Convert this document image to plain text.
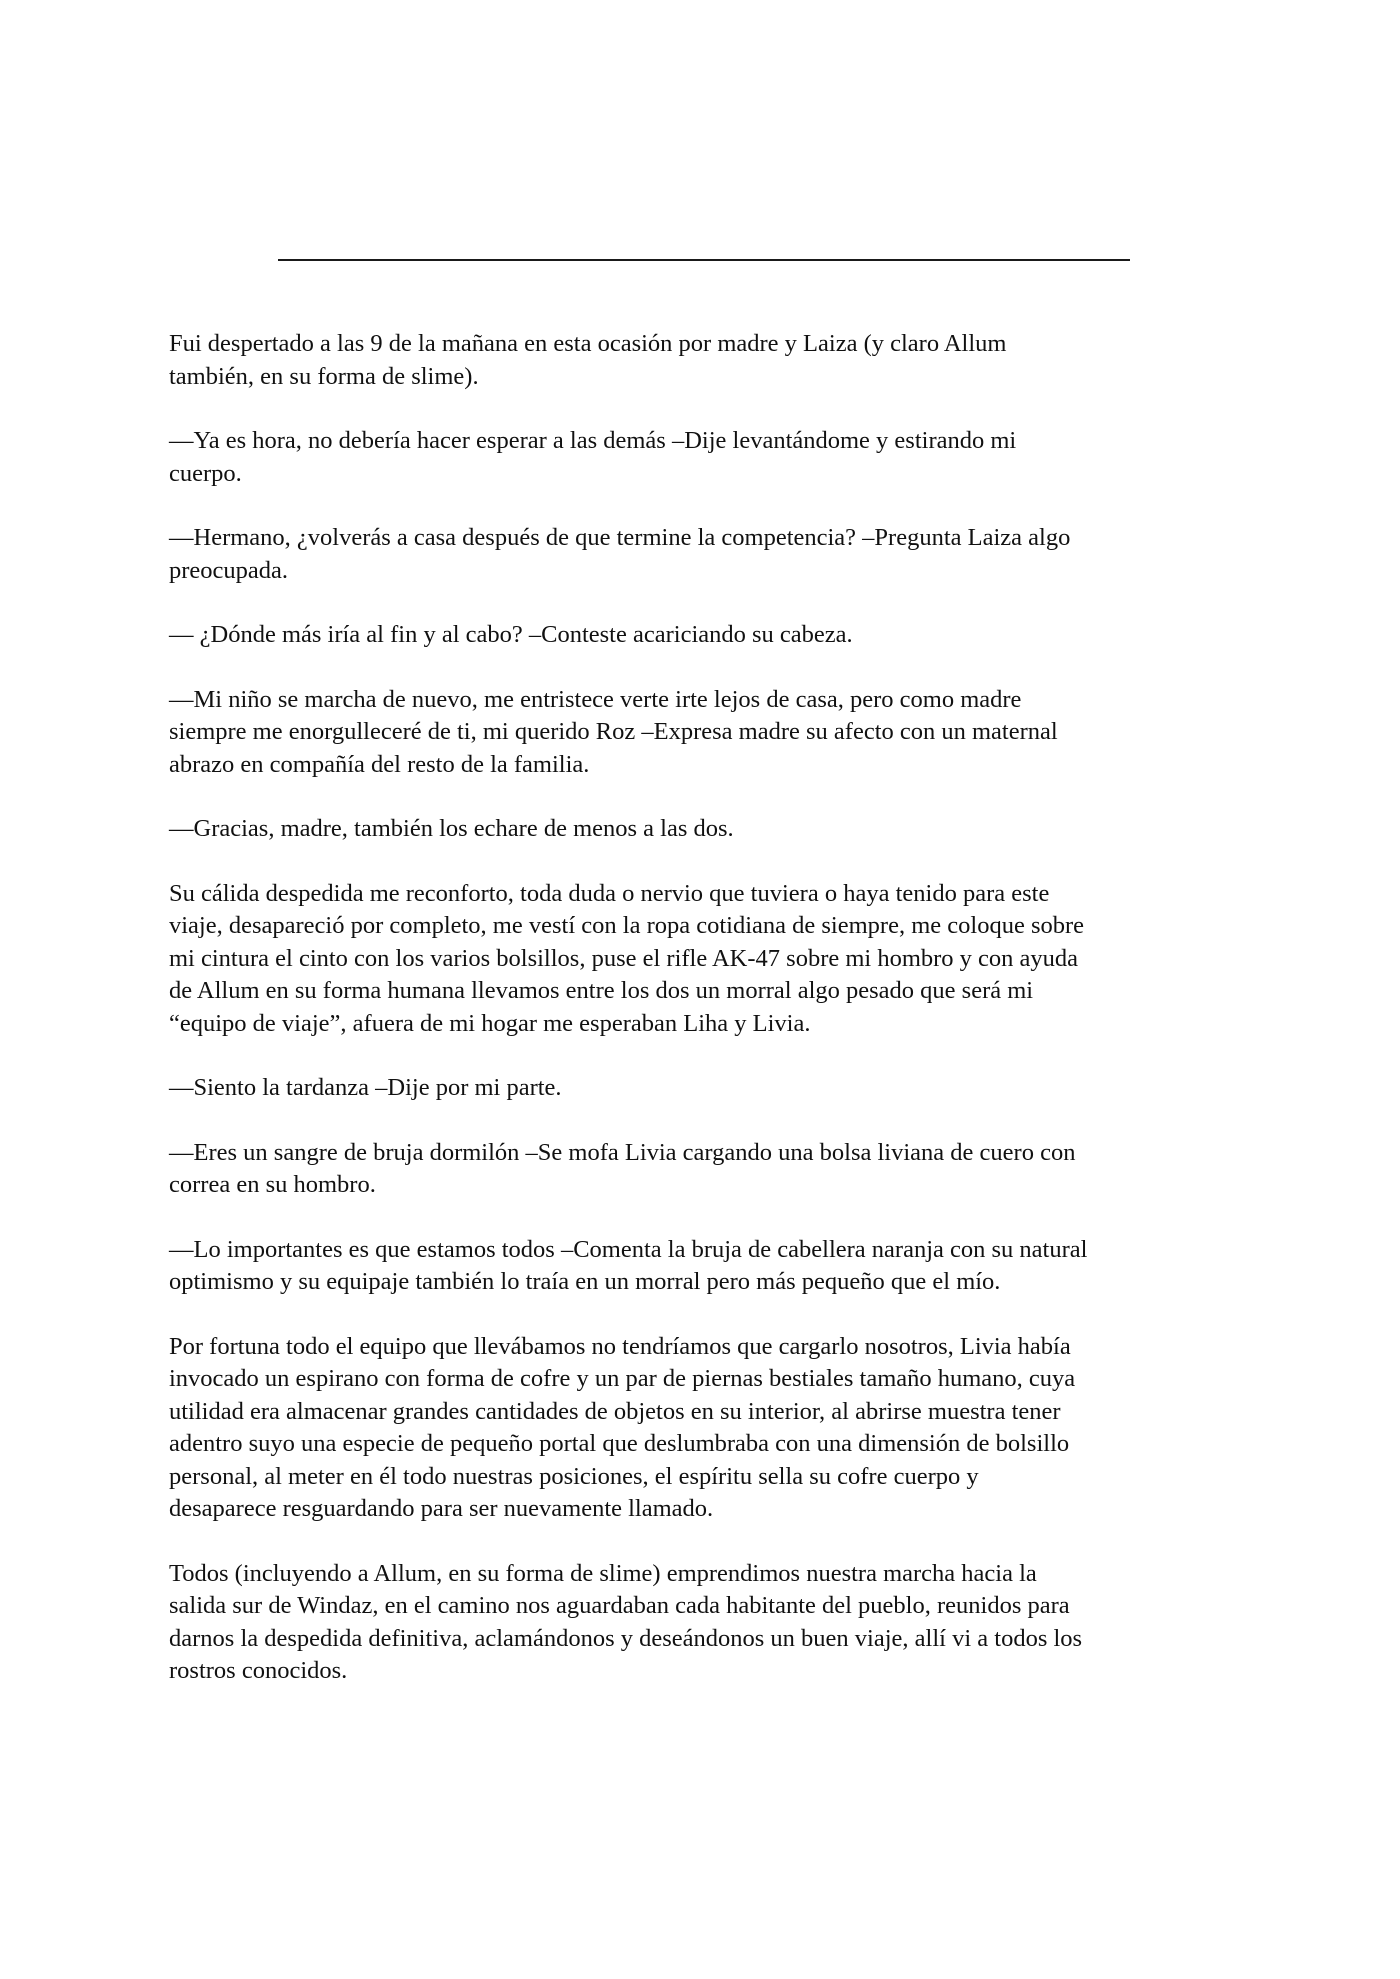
Fui despertado a las 9 de la mañana en esta ocasión por madre y Laiza (y claro Allum
también, en su forma de slime).

—Ya es hora, no debería hacer esperar a las demás –Dije levantándome y estirando mi
cuerpo.

—Hermano, ¿volverás a casa después de que termine la competencia? –Pregunta Laiza algo
preocupada.

— ¿Dónde más iría al fin y al cabo? –Conteste acariciando su cabeza.

—Mi niño se marcha de nuevo, me entristece verte irte lejos de casa, pero como madre
siempre me enorgulleceré de ti, mi querido Roz –Expresa madre su afecto con un maternal
abrazo en compañía del resto de la familia.

—Gracias, madre, también los echare de menos a las dos.

Su cálida despedida me reconforto, toda duda o nervio que tuviera o haya tenido para este
viaje, desapareció por completo, me vestí con la ropa cotidiana de siempre, me coloque sobre
mi cintura el cinto con los varios bolsillos, puse el rifle AK-47 sobre mi hombro y con ayuda
de Allum en su forma humana llevamos entre los dos un morral algo pesado que será mi
“equipo de viaje”, afuera de mi hogar me esperaban Liha y Livia.

—Siento la tardanza –Dije por mi parte.

—Eres un sangre de bruja dormilón –Se mofa Livia cargando una bolsa liviana de cuero con
correa en su hombro.

—Lo importantes es que estamos todos –Comenta la bruja de cabellera naranja con su natural
optimismo y su equipaje también lo traía en un morral pero más pequeño que el mío.

Por fortuna todo el equipo que llevábamos no tendríamos que cargarlo nosotros, Livia había
invocado un espirano con forma de cofre y un par de piernas bestiales tamaño humano, cuya
utilidad era almacenar grandes cantidades de objetos en su interior, al abrirse muestra tener
adentro suyo una especie de pequeño portal que deslumbraba con una dimensión de bolsillo
personal, al meter en él todo nuestras posiciones, el espíritu sella su cofre cuerpo y
desaparece resguardando para ser nuevamente llamado.

Todos (incluyendo a Allum, en su forma de slime) emprendimos nuestra marcha hacia la
salida sur de Windaz, en el camino nos aguardaban cada habitante del pueblo, reunidos para
darnos la despedida definitiva, aclamándonos y deseándonos un buen viaje, allí vi a todos los
rostros conocidos.
